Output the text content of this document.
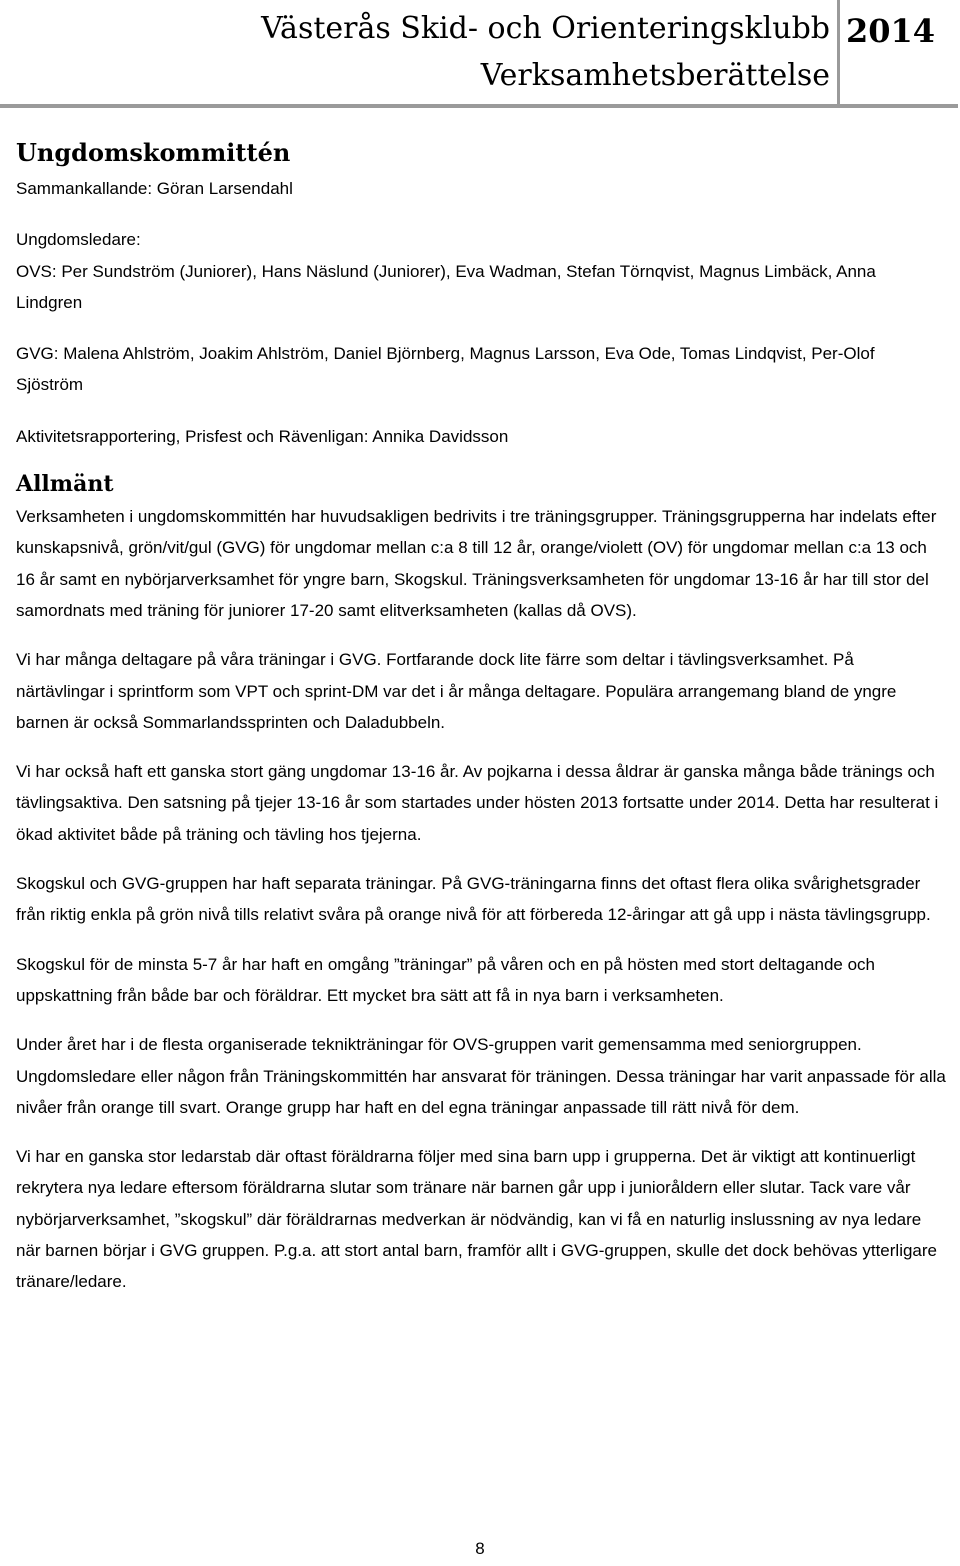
Västerås Skid- och Orienteringsklubb
Verksamhetsberättelse
2014
Ungdomskommittén

Sammankallande: Göran Larsendahl

Ungdomsledare:

OVS: Per Sundström (Juniorer), Hans Näslund (Juniorer), Eva Wadman, Stefan Törnqvist, Magnus Limbäck, Anna Lindgren

GVG: Malena Ahlström, Joakim Ahlström, Daniel Björnberg, Magnus Larsson, Eva Ode, Tomas Lindqvist, Per-Olof Sjöström

Aktivitetsrapportering, Prisfest och Rävenligan: Annika Davidsson

Allmänt

Verksamheten i ungdomskommittén har huvudsakligen bedrivits i tre träningsgrupper. Träningsgrupperna har indelats efter kunskapsnivå, grön/vit/gul (GVG) för ungdomar mellan c:a 8 till 12 år, orange/violett (OV) för ungdomar mellan c:a 13 och 16 år samt en nybörjarverksamhet för yngre barn, Skogskul. Träningsverksamheten för ungdomar 13-16 år har till stor del samordnats med träning för juniorer 17-20 samt elitverksamheten (kallas då OVS).

Vi har många deltagare på våra träningar i GVG. Fortfarande dock lite färre som deltar i tävlingsverksamhet. På närtävlingar i sprintform som VPT och sprint-DM var det i år många deltagare. Populära arrangemang bland de yngre barnen är också Sommarlandssprinten och Daladubbeln.

Vi har också haft ett ganska stort gäng ungdomar 13-16 år. Av pojkarna i dessa åldrar är ganska många både tränings och tävlingsaktiva. Den satsning på tjejer 13-16 år som startades under hösten 2013 fortsatte under 2014. Detta har resulterat i ökad aktivitet både på träning och tävling hos tjejerna.

Skogskul och GVG-gruppen har haft separata träningar. På GVG-träningarna finns det oftast flera olika svårighetsgrader från riktig enkla på grön nivå tills relativt svåra på orange nivå för att förbereda 12-åringar att gå upp i nästa tävlingsgrupp.

Skogskul för de minsta 5-7 år har haft en omgång ”träningar” på våren och en på hösten med stort deltagande och uppskattning från både bar och föräldrar. Ett mycket bra sätt att få in nya barn i verksamheten.

Under året har i de flesta organiserade teknikträningar för OVS-gruppen varit gemensamma med seniorgruppen. Ungdomsledare eller någon från Träningskommittén har ansvarat för träningen. Dessa träningar har varit anpassade för alla nivåer från orange till svart. Orange grupp har haft en del egna träningar anpassade till rätt nivå för dem.

Vi har en ganska stor ledarstab där oftast föräldrarna följer med sina barn upp i grupperna. Det är viktigt att kontinuerligt rekrytera nya ledare eftersom föräldrarna slutar som tränare när barnen går upp i junioråldern eller slutar. Tack vare vår nybörjarverksamhet, ”skogskul” där föräldrarnas medverkan är nödvändig, kan vi få en naturlig inslussning av nya ledare när barnen börjar i GVG gruppen. P.g.a. att stort antal barn, framför allt i GVG-gruppen, skulle det dock behövas ytterligare tränare/ledare.

8
